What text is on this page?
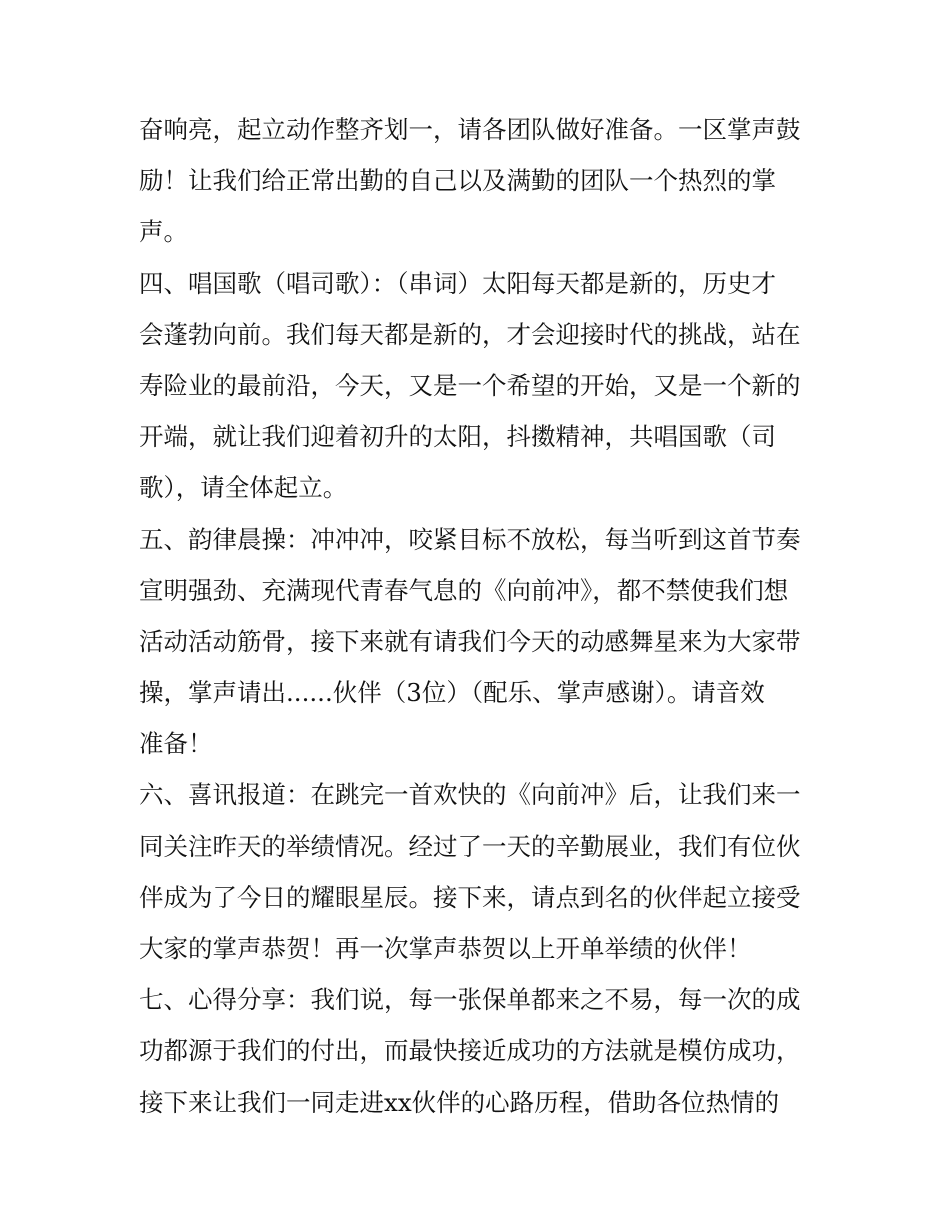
奋响亮，起立动作整齐划一，请各团队做好准备。一区掌声鼓
励！让我们给正常出勤的自己以及满勤的团队一个热烈的掌
声。
四、唱国歌（唱司歌）：（串词）太阳每天都是新的，历史才
会蓬勃向前。我们每天都是新的，才会迎接时代的挑战，站在
寿险业的最前沿，今天，又是一个希望的开始，又是一个新的
开端，就让我们迎着初升的太阳，抖擞精神，共唱国歌（司
歌），请全体起立。
五、韵律晨操：冲冲冲，咬紧目标不放松，每当听到这首节奏
宣明强劲、充满现代青春气息的《向前冲》，都不禁使我们想
活动活动筋骨，接下来就有请我们今天的动感舞星来为大家带
操，掌声请出......伙伴（3位）（配乐、掌声感谢）。请音效
准备！
六、喜讯报道：在跳完一首欢快的《向前冲》后，让我们来一
同关注昨天的举绩情况。经过了一天的辛勤展业，我们有位伙
伴成为了今日的耀眼星辰。接下来，请点到名的伙伴起立接受
大家的掌声恭贺！再一次掌声恭贺以上开单举绩的伙伴！
七、心得分享：我们说，每一张保单都来之不易，每一次的成
功都源于我们的付出，而最快接近成功的方法就是模仿成功，
接下来让我们一同走进xx伙伴的心路历程，借助各位热情的
